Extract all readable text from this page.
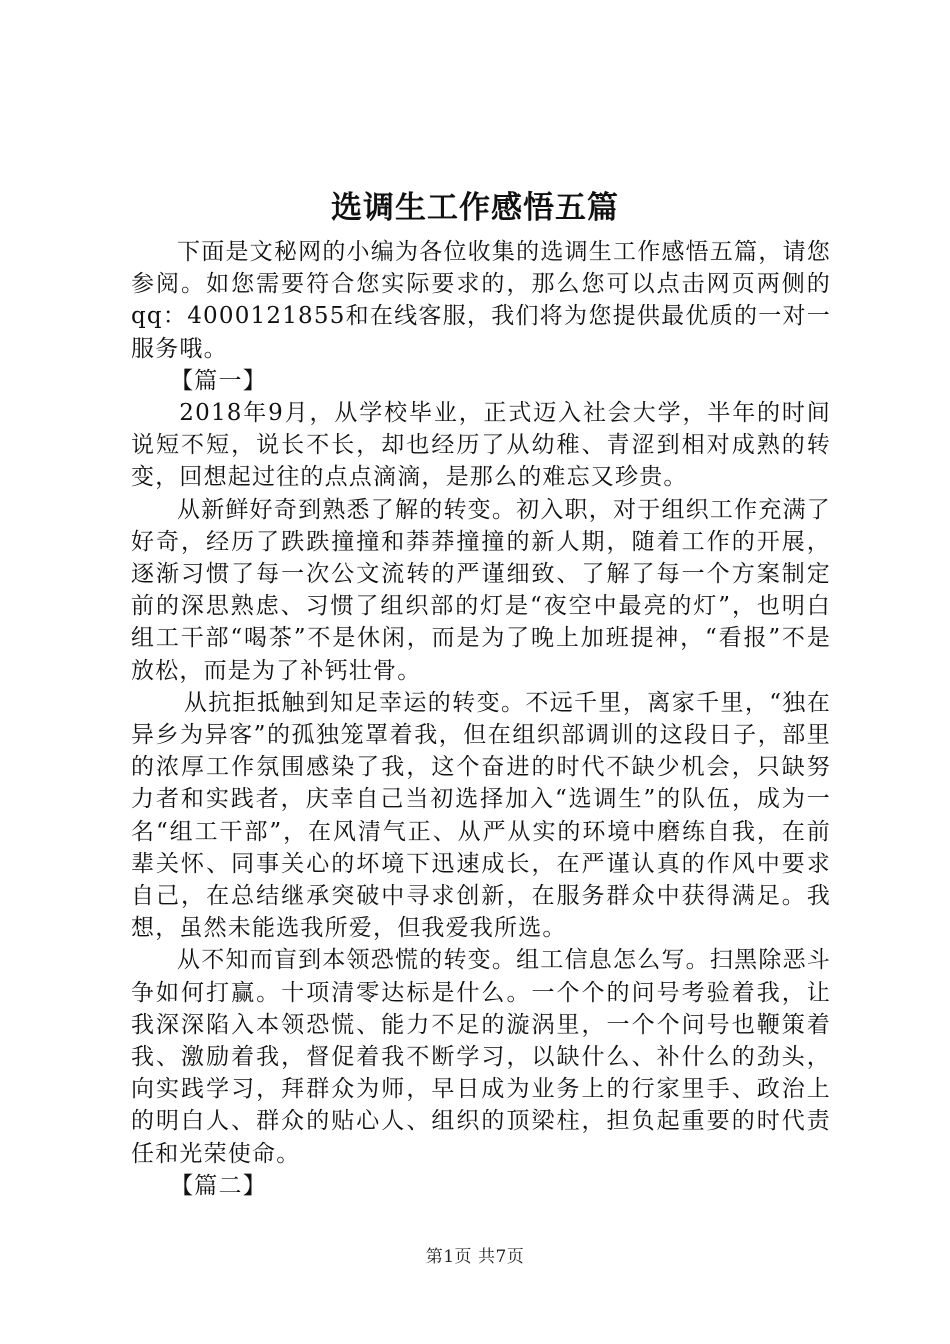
选调生工作感悟五篇

下面是文秘网的小编为各位收集的选调生工作感悟五篇，请您参阅。如您需要符合您实际要求的，那么您可以点击网页两侧的qq：4000121855和在线客服，我们将为您提供最优质的一对一服务哦。

【篇一】

2018年9月，从学校毕业，正式迈入社会大学，半年的时间说短不短，说长不长，却也经历了从幼稚、青涩到相对成熟的转变，回想起过往的点点滴滴，是那么的难忘又珍贵。

从新鲜好奇到熟悉了解的转变。初入职，对于组织工作充满了好奇，经历了跌跌撞撞和莽莽撞撞的新人期，随着工作的开展，逐渐习惯了每一次公文流转的严谨细致、了解了每一个方案制定前的深思熟虑、习惯了组织部的灯是“夜空中最亮的灯”，也明白组工干部“喝茶”不是休闲，而是为了晚上加班提神，“看报”不是放松，而是为了补钙壮骨。

从抗拒抵触到知足幸运的转变。不远千里，离家千里，“独在异乡为异客”的孤独笼罩着我，但在组织部调训的这段日子，部里的浓厚工作氛围感染了我，这个奋进的时代不缺少机会，只缺努力者和实践者，庆幸自己当初选择加入“选调生”的队伍，成为一名“组工干部”，在风清气正、从严从实的环境中磨练自我，在前辈关怀、同事关心的坏境下迅速成长，在严谨认真的作风中要求自己，在总结继承突破中寻求创新，在服务群众中获得满足。我想，虽然未能选我所爱，但我爱我所选。

从不知而盲到本领恐慌的转变。组工信息怎么写。扫黑除恶斗争如何打赢。十项清零达标是什么。一个个的问号考验着我，让我深深陷入本领恐慌、能力不足的漩涡里，一个个问号也鞭策着我、激励着我，督促着我不断学习，以缺什么、补什么的劲头，向实践学习，拜群众为师，早日成为业务上的行家里手、政治上的明白人、群众的贴心人、组织的顶梁柱，担负起重要的时代责任和光荣使命。

【篇二】

第1页 共7页
